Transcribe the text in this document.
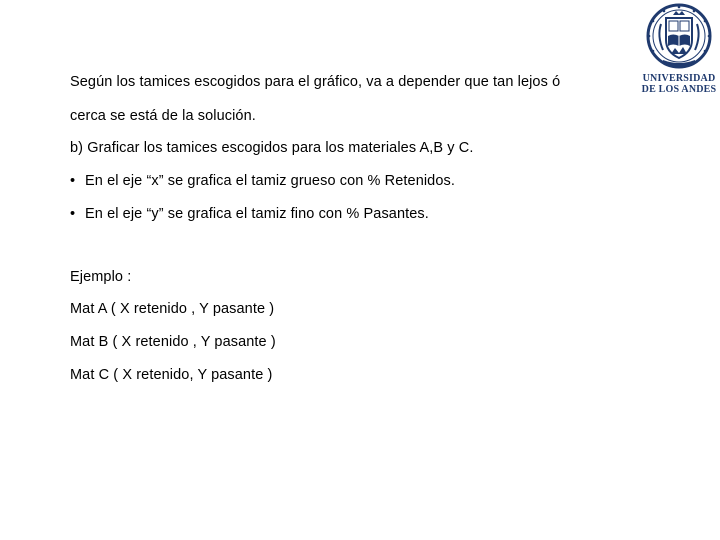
UNIVERSIDAD
DE LOS ANDES
Según los tamices escogidos para el gráfico, va a depender que tan lejos ó
cerca se está de la solución.
b) Graficar los tamices escogidos para los materiales A,B y C.
• En el eje “x” se grafica el tamiz grueso con % Retenidos.
• En el eje “y” se grafica el tamiz fino con % Pasantes.
Ejemplo :
Mat A ( X retenido , Y pasante )
Mat B ( X retenido , Y pasante )
Mat C ( X retenido, Y pasante )
